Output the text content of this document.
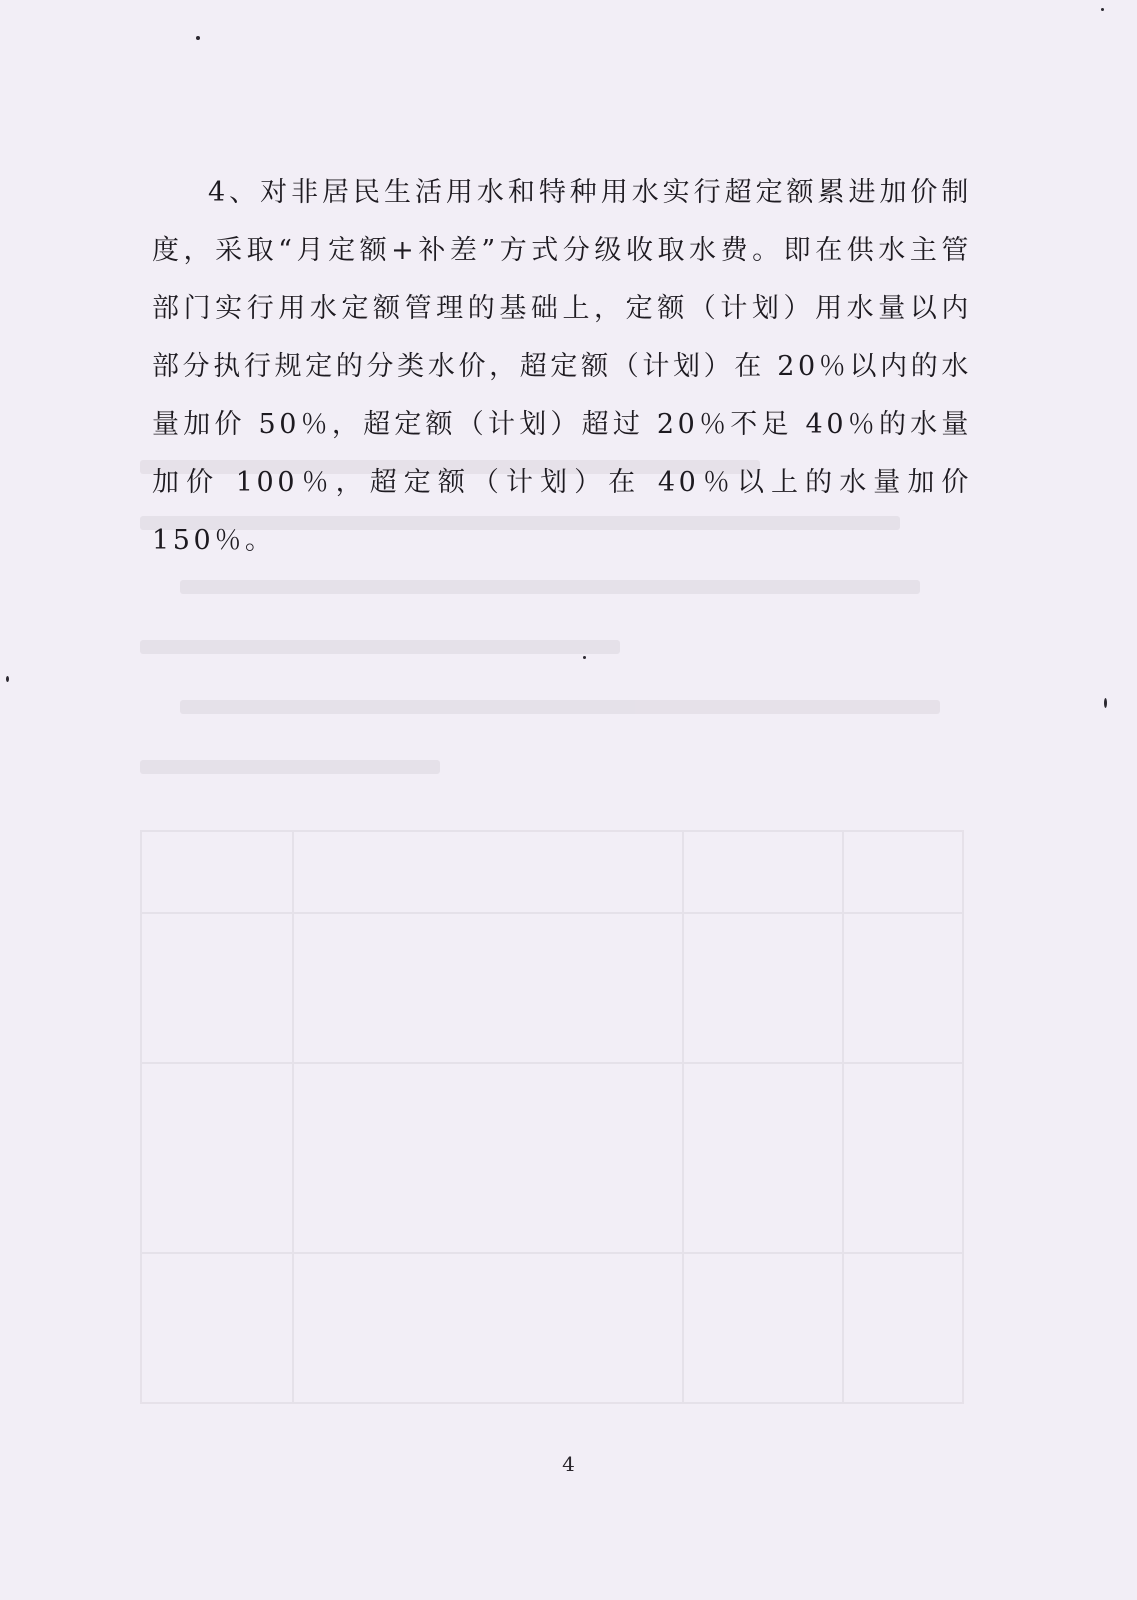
4、对非居民生活用水和特种用水实行超定额累进加价制度，采取“月定额+补差”方式分级收取水费。即在供水主管部门实行用水定额管理的基础上，定额（计划）用水量以内部分执行规定的分类水价，超定额（计划）在 20％以内的水量加价 50％，超定额（计划）超过 20％不足 40％的水量加价 100％，超定额（计划）在 40％以上的水量加价 150％。

4
